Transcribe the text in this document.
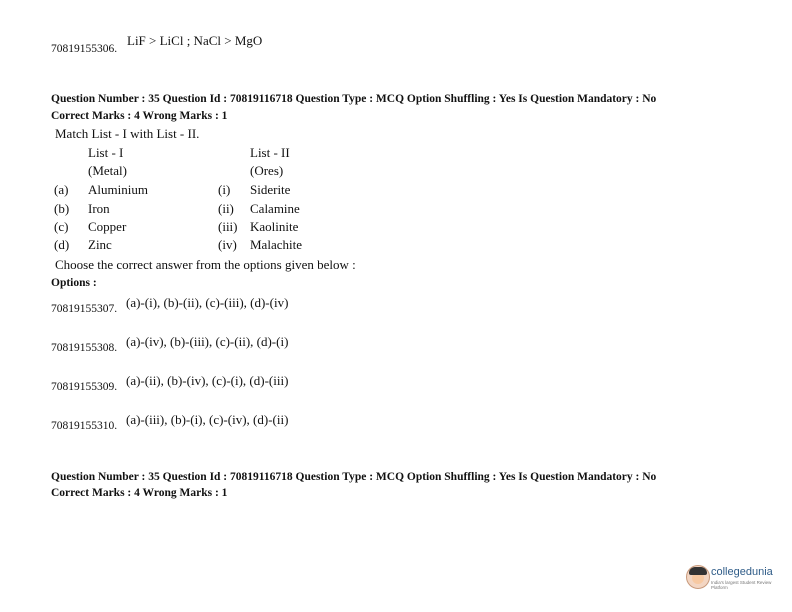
70819155306.
LiF > LiCl ; NaCl > MgO
Question Number : 35 Question Id : 70819116718 Question Type : MCQ Option Shuffling : Yes Is Question Mandatory : No
Correct Marks : 4 Wrong Marks : 1
Match List - I with List - II.
List - I	List - II
(Metal)	(Ores)
(a) Aluminium	(i) Siderite
(b) Iron	(ii) Calamine
(c) Copper	(iii) Kaolinite
(d) Zinc	(iv) Malachite
Choose the correct answer from the options given below :
Options :
70819155307. (a)-(i), (b)-(ii), (c)-(iii), (d)-(iv)
70819155308. (a)-(iv), (b)-(iii), (c)-(ii), (d)-(i)
70819155309. (a)-(ii), (b)-(iv), (c)-(i), (d)-(iii)
70819155310. (a)-(iii), (b)-(i), (c)-(iv), (d)-(ii)
Question Number : 35 Question Id : 70819116718 Question Type : MCQ Option Shuffling : Yes Is Question Mandatory : No
Correct Marks : 4 Wrong Marks : 1
collegedunia
India's largest Student Review Platform
